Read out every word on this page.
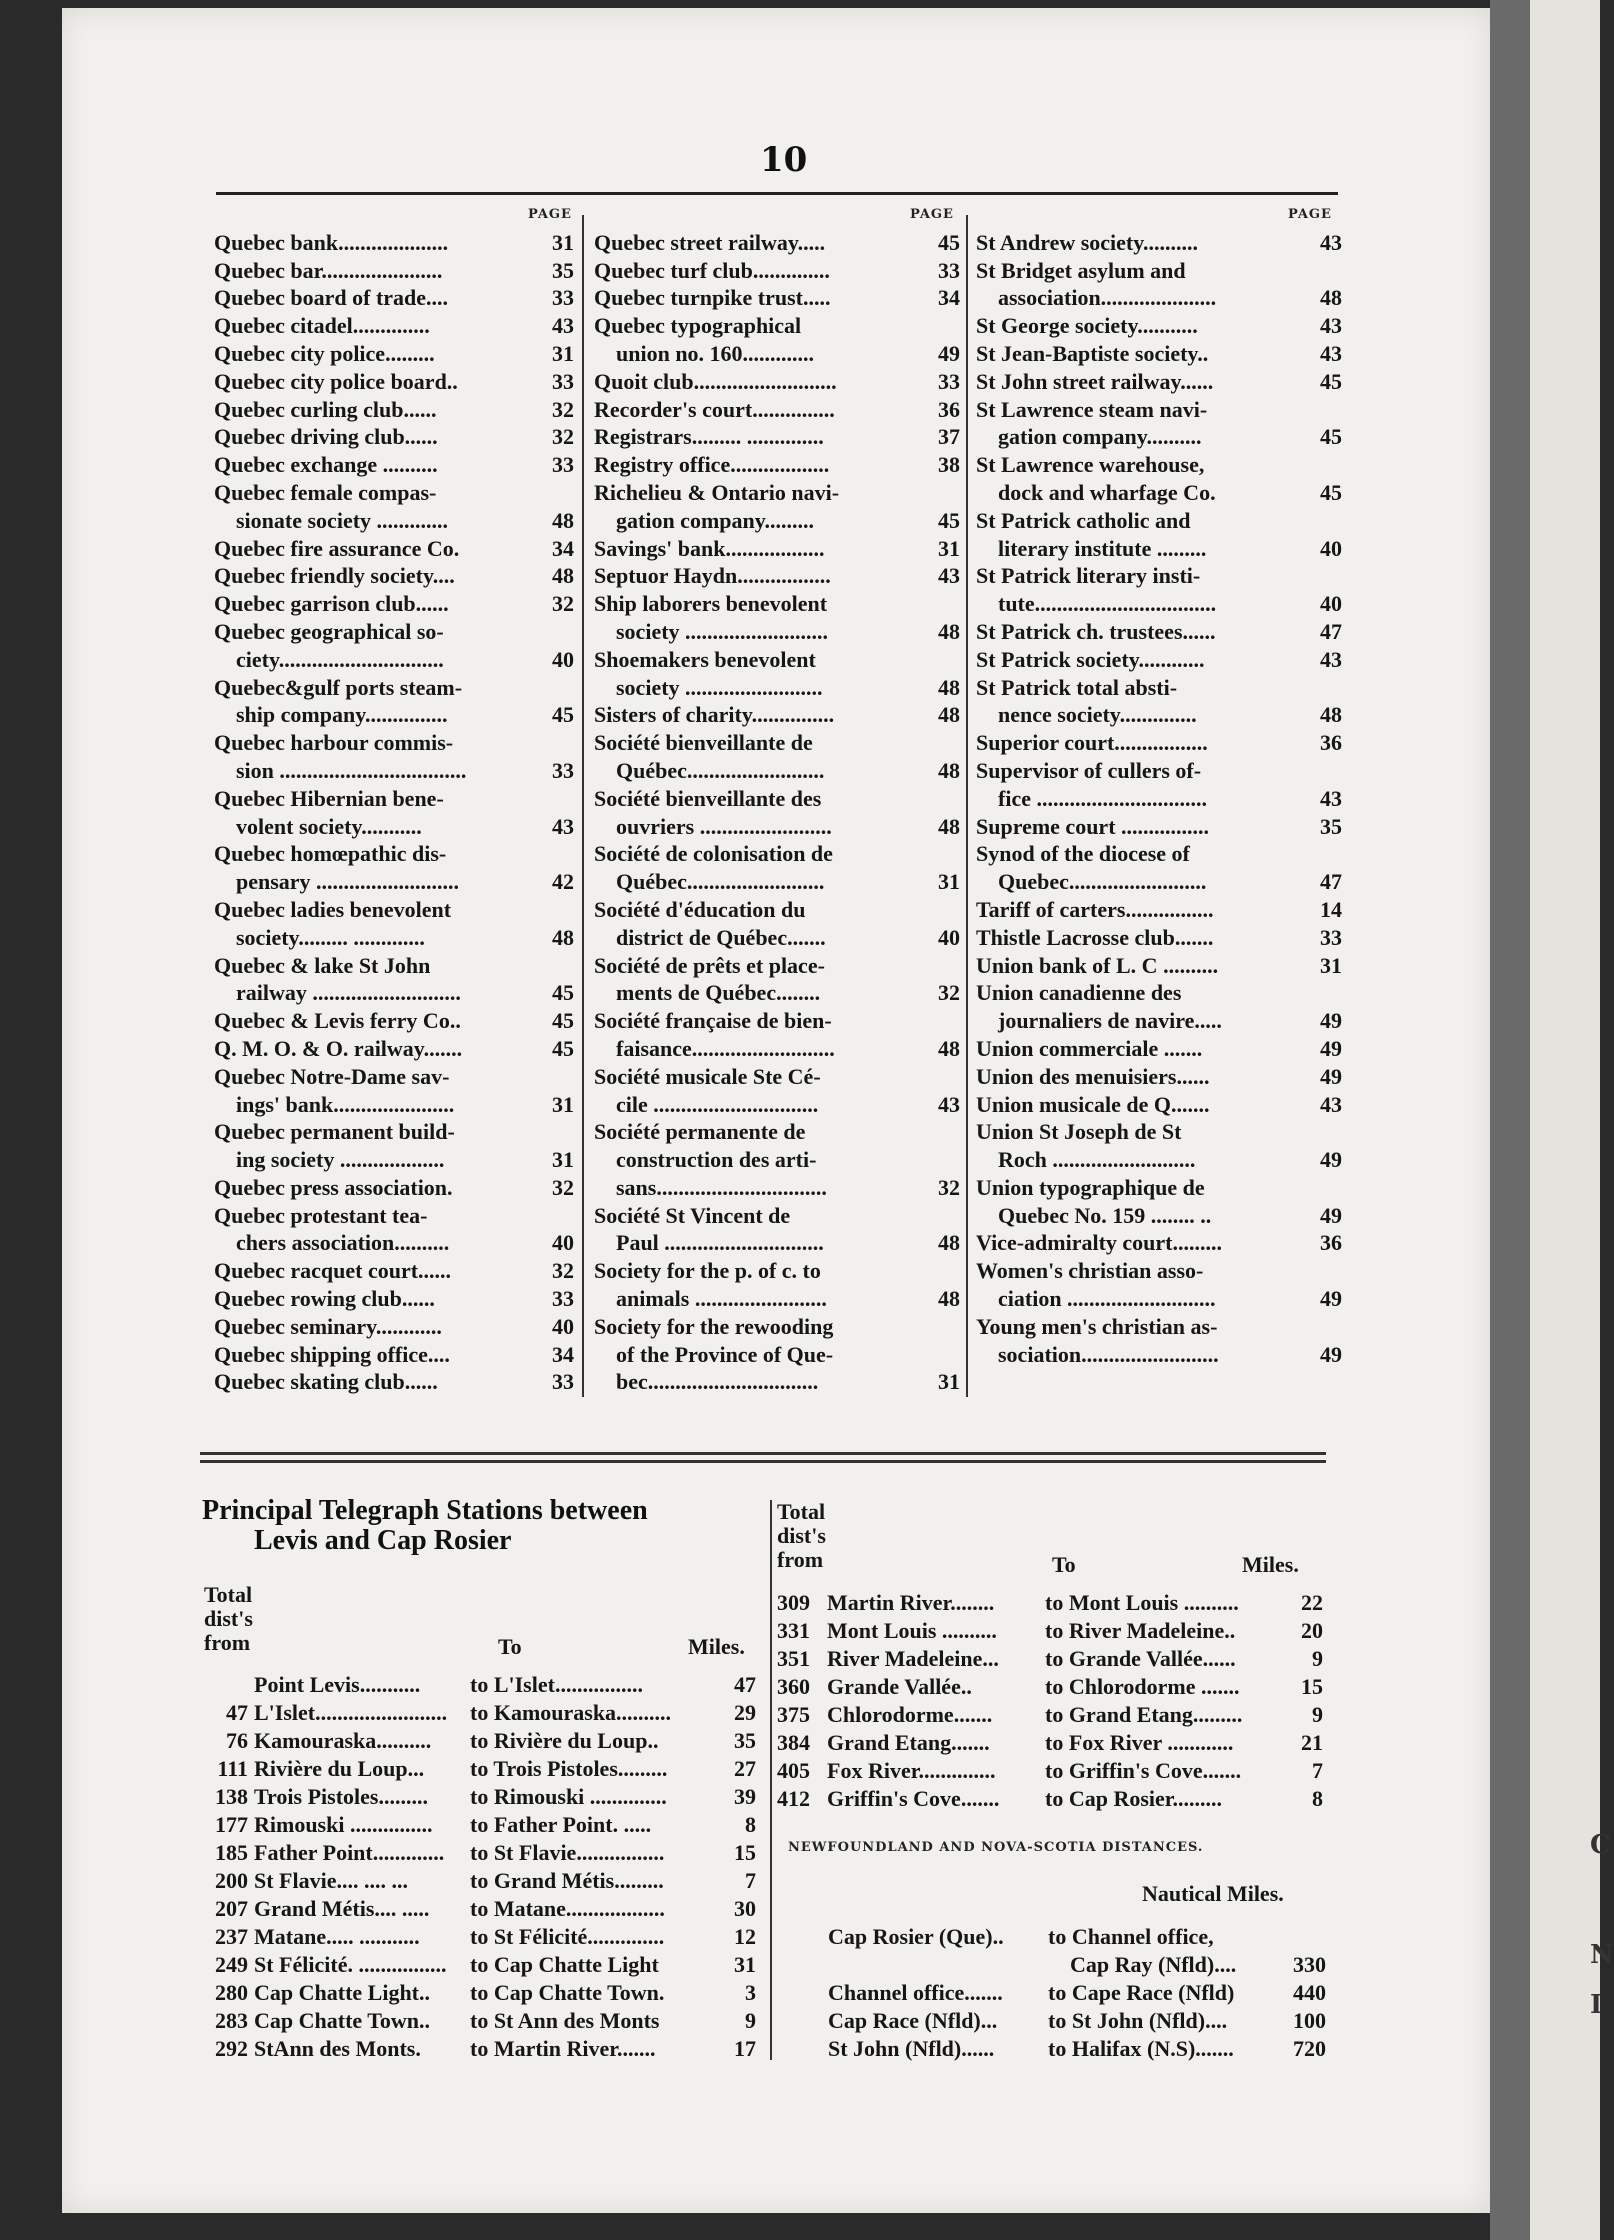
10
PAGE	PAGE	PAGE
Quebec bank....................	31
Quebec bar......................	35
Quebec board of trade....	33
Quebec citadel..............	43
Quebec city police.........	31
Quebec city police board..	33
Quebec curling club......	32
Quebec driving club......	32
Quebec exchange ..........	33
Quebec female compas-
sionate society .............	48
Quebec fire assurance Co.	34
Quebec friendly society....	48
Quebec garrison club......	32
Quebec geographical so-
ciety..............................	40
Quebec&gulf ports steam-
ship company...............	45
Quebec harbour commis-
sion ..................................	33
Quebec Hibernian bene-
volent society...........	43
Quebec homœpathic dis-
pensary ..........................	42
Quebec ladies benevolent
society......... .............	48
Quebec & lake St John
railway ...........................	45
Quebec & Levis ferry Co..	45
Q. M. O. & O. railway.......	45
Quebec Notre-Dame sav-
ings' bank......................	31
Quebec permanent build-
ing society ...................	31
Quebec press association.	32
Quebec protestant tea-
chers association..........	40
Quebec racquet court......	32
Quebec rowing club......	33
Quebec seminary............	40
Quebec shipping office....	34
Quebec skating club......	33
Quebec street railway.....	45
Quebec turf club..............	33
Quebec turnpike trust.....	34
Quebec typographical
union no. 160.............	49
Quoit club..........................	33
Recorder's court...............	36
Registrars......... ..............	37
Registry office..................	38
Richelieu & Ontario navi-
gation company.........	45
Savings' bank..................	31
Septuor Haydn.................	43
Ship laborers benevolent
society ..........................	48
Shoemakers benevolent
society .........................	48
Sisters of charity...............	48
Société bienveillante de
Québec.........................	48
Société bienveillante des
ouvriers ........................	48
Société de colonisation de
Québec.........................	31
Société d'éducation du
district de Québec.......	40
Société de prêts et place-
ments de Québec........	32
Société française de bien-
faisance..........................	48
Société musicale Ste Cé-
cile ..............................	43
Société permanente de
construction des arti-
sans...............................	32
Société St Vincent de
Paul .............................	48
Society for the p. of c. to
animals ........................	48
Society for the rewooding
of the Province of Que-
bec...............................	31
St Andrew society..........	43
St Bridget asylum and
association.....................	48
St George society...........	43
St Jean-Baptiste society..	43
St John street railway......	45
St Lawrence steam navi-
gation company..........	45
St Lawrence warehouse,
dock and wharfage Co.	45
St Patrick catholic and
literary institute .........	40
St Patrick literary insti-
tute.................................	40
St Patrick ch. trustees......	47
St Patrick society............	43
St Patrick total absti-
nence society..............	48
Superior court.................	36
Supervisor of cullers of-
fice ...............................	43
Supreme court ................	35
Synod of the diocese of
Quebec.........................	47
Tariff of carters................	14
Thistle Lacrosse club.......	33
Union bank of L. C ..........	31
Union canadienne des
journaliers de navire.....	49
Union commerciale .......	49
Union des menuisiers......	49
Union musicale de Q.......	43
Union St Joseph de St
Roch ..........................	49
Union typographique de
Quebec No. 159 ........ ..	49
Vice-admiralty court.........	36
Women's christian asso-
ciation ...........................	49
Young men's christian as-
sociation.........................	49
Principal Telegraph Stations between
Levis and Cap Rosier
Total
dist's
from	To	Miles.
Point Levis........... to L'Islet................	47
47 L'Islet........................ to Kamouraska..........	29
76 Kamouraska.......... to Rivière du Loup..	35
111 Rivière du Loup... to Trois Pistoles.........	27
138 Trois Pistoles......... to Rimouski ..............	39
177 Rimouski ............... to Father Point. .....	8
185 Father Point............. to St Flavie................	15
200 St Flavie.... .... ...	to Grand Métis.........	7
207 Grand Métis.... ..... to Matane..................	30
237 Matane..... ........... to St Félicité..............	12
249 St Félicité. ................ to Cap Chatte Light	31
280 Cap Chatte Light.. to Cap Chatte Town.	3
283 Cap Chatte Town.. to St Ann des Monts	9
292 StAnn des Monts. to Martin River.......	17
Total
dist's
from	To	Miles.
309 Martin River........ to Mont Louis ..........	22
331 Mont Louis .......... to River Madeleine..	20
351 River Madeleine... to Grande Vallée......	9
360 Grande Vallée..	to Chlorodorme .......	15
375 Chlorodorme....... to Grand Etang.........	9
384 Grand Etang.......	to Fox River ............	21
405 Fox River.............. to Griffin's Cove.......	7
412 Griffin's Cove....... to Cap Rosier.........	8
NEWFOUNDLAND AND NOVA-SCOTIA DISTANCES.
Nautical Miles.
Cap Rosier (Que).. to Channel office,
Cap Ray (Nfld)....	330
Channel office....... to Cape Race (Nfld)	440
Cap Race (Nfld)... to St John (Nfld)....	100
St John (Nfld)...... to Halifax (N.S).......	720
N
I
C
